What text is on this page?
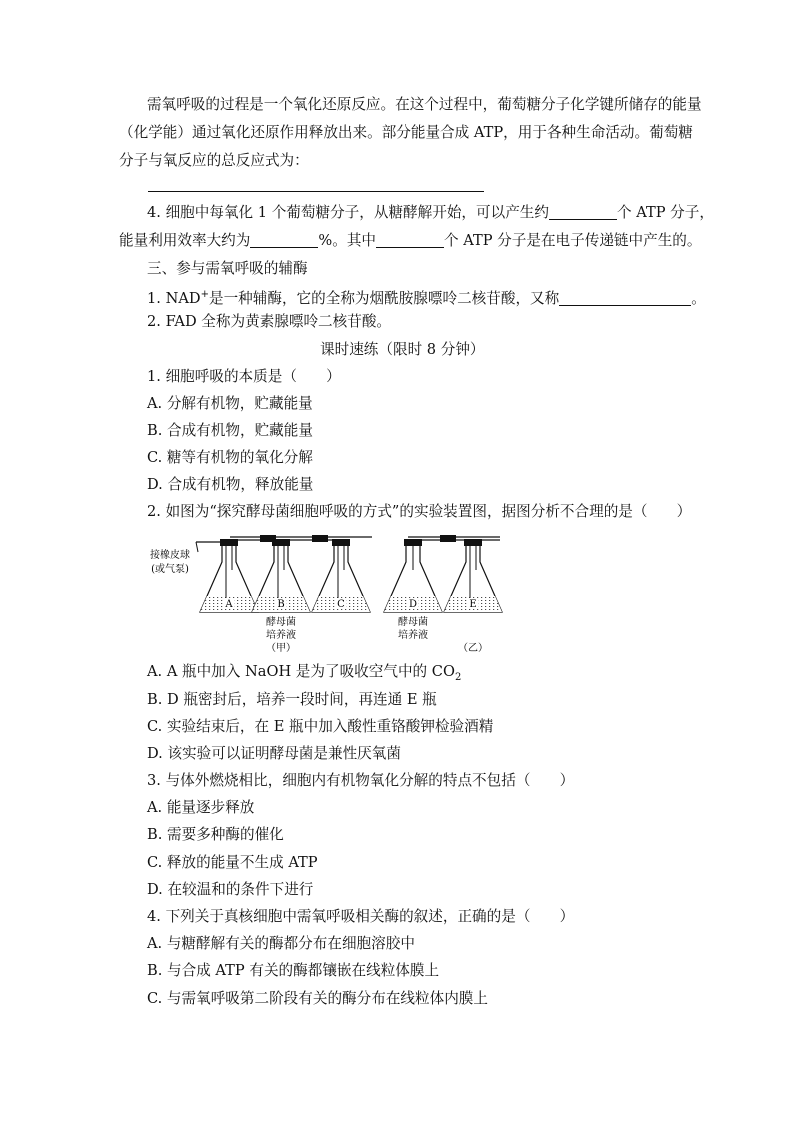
需氧呼吸的过程是一个氧化还原反应。在这个过程中，葡萄糖分子化学键所储存的能量
（化学能）通过氧化还原作用释放出来。部分能量合成 ATP，用于各种生命活动。葡萄糖
分子与氧反应的总反应式为：
4. 细胞中每氧化 1 个葡萄糖分子，从糖酵解开始，可以产生约	个 ATP 分子，
能量利用效率大约为	%。其中	个 ATP 分子是在电子传递链中产生的。
三、参与需氧呼吸的辅酶
1. NAD+是一种辅酶，它的全称为烟酰胺腺嘌呤二核苷酸，又称	。
2. FAD 全称为黄素腺嘌呤二核苷酸。
课时速练（限时 8 分钟）
1. 细胞呼吸的本质是（　　）
A. 分解有机物，贮藏能量
B. 合成有机物，贮藏能量
C. 糖等有机物的氧化分解
D. 合成有机物，释放能量
2. 如图为“探究酵母菌细胞呼吸的方式”的实验装置图，据图分析不合理的是（　　）
接橡皮球
(或气泵)
A	B	C	D	E
酵母菌
培养液
（甲）
酵母菌
培养液
（乙）
A. A 瓶中加入 NaOH 是为了吸收空气中的 $CO_2$
B. D 瓶密封后，培养一段时间，再连通 E 瓶
C. 实验结束后，在 E 瓶中加入酸性重铬酸钾检验酒精
D. 该实验可以证明酵母菌是兼性厌氧菌
3. 与体外燃烧相比，细胞内有机物氧化分解的特点不包括（　　）
A. 能量逐步释放
B. 需要多种酶的催化
C. 释放的能量不生成 ATP
D. 在较温和的条件下进行
4. 下列关于真核细胞中需氧呼吸相关酶的叙述，正确的是（　　）
A. 与糖酵解有关的酶都分布在细胞溶胶中
B. 与合成 ATP 有关的酶都镶嵌在线粒体膜上
C. 与需氧呼吸第二阶段有关的酶分布在线粒体内膜上
